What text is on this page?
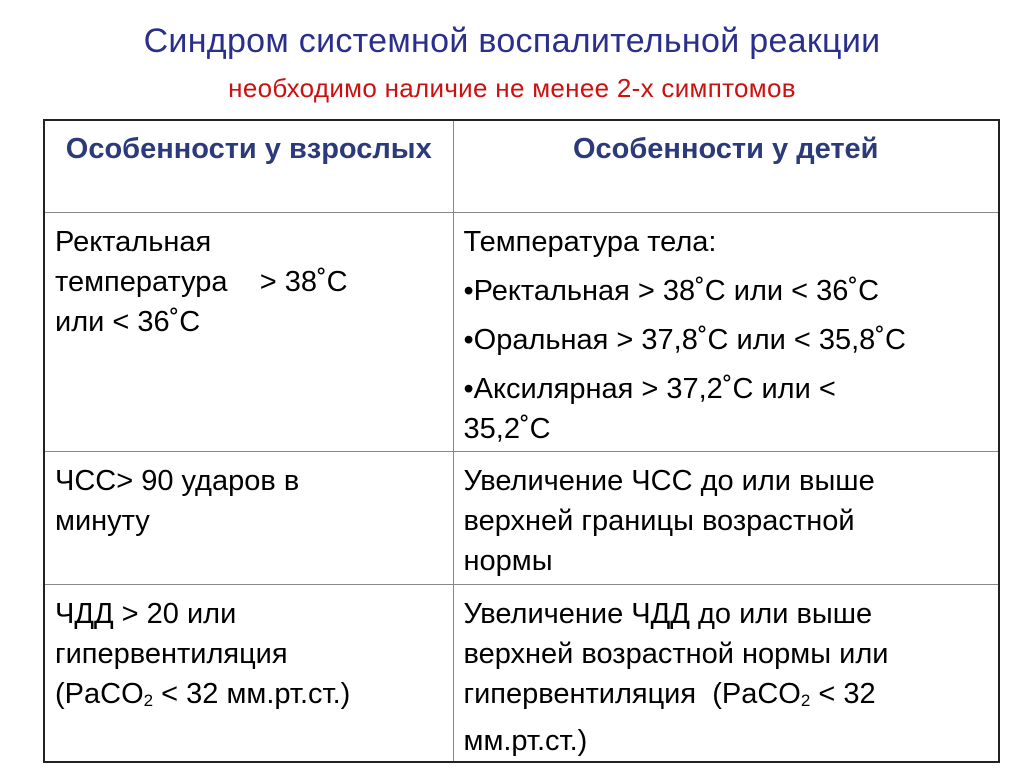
Синдром системной воспалительной реакции
необходимо наличие не менее 2-х симптомов
Особенности у взрослых	Особенности у детей

Ректальная
температура    > 38˚С
или < 36˚С	Температура тела:
•Ректальная > 38˚С или < 36˚С
•Оральная > 37,8˚С или < 35,8˚С
•Аксилярная > 37,2˚С или <
35,2˚С

ЧСС> 90 ударов в
минуту	Увеличение ЧСС до или выше
верхней границы возрастной
нормы

ЧДД > 20 или
гипервентиляция
(PaCO$_2$ < 32 мм.рт.ст.)	Увеличение ЧДД до или выше
верхней возрастной нормы или
гипервентиляция  (PaCO$_2$ < 32
мм.рт.ст.)
